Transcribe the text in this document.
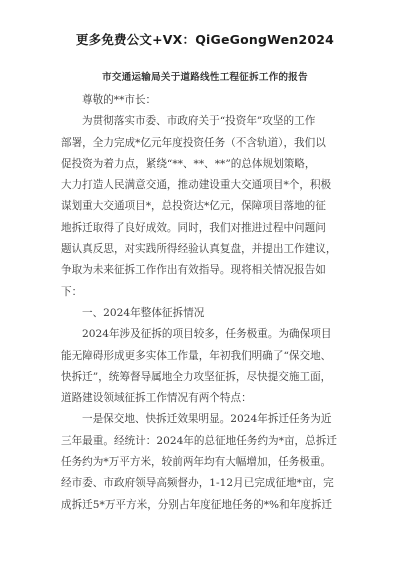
更多免费公文+VX：QiGeGongWen2024
市交通运输局关于道路线性工程征拆工作的报告
尊敬的**市长：
为贯彻落实市委、市政府关于“投资年”攻坚的工作
部署，全力完成*亿元年度投资任务（不含轨道），我们以
促投资为着力点，紧绕“**、**、**”的总体规划策略，
大力打造人民满意交通，推动建设重大交通项目*个，积极
谋划重大交通项目*，总投资达*亿元，保障项目落地的征
地拆迁取得了良好成效。同时，我们对推进过程中问题问
题认真反思，对实践所得经验认真复盘，并提出工作建议，
争取为未来征拆工作作出有效指导。现将相关情况报告如
下：
一、2024年整体征拆情况
2024年涉及征拆的项目较多，任务极重。为确保项目
能无障碍形成更多实体工作量，年初我们明确了“保交地、
快拆迁”，统筹督导属地全力攻坚征拆，尽快提交施工面，
道路建设领域征拆工作情况有两个特点：
一是保交地、快拆迁效果明显。2024年拆迁任务为近
三年最重。经统计：2024年的总征地任务约为*亩，总拆迁
任务约为*万平方米，较前两年均有大幅增加，任务极重。
经市委、市政府领导高频督办，1-12月已完成征地*亩，完
成拆迁5*万平方米，分别占年度征地任务的*%和年度拆迁
